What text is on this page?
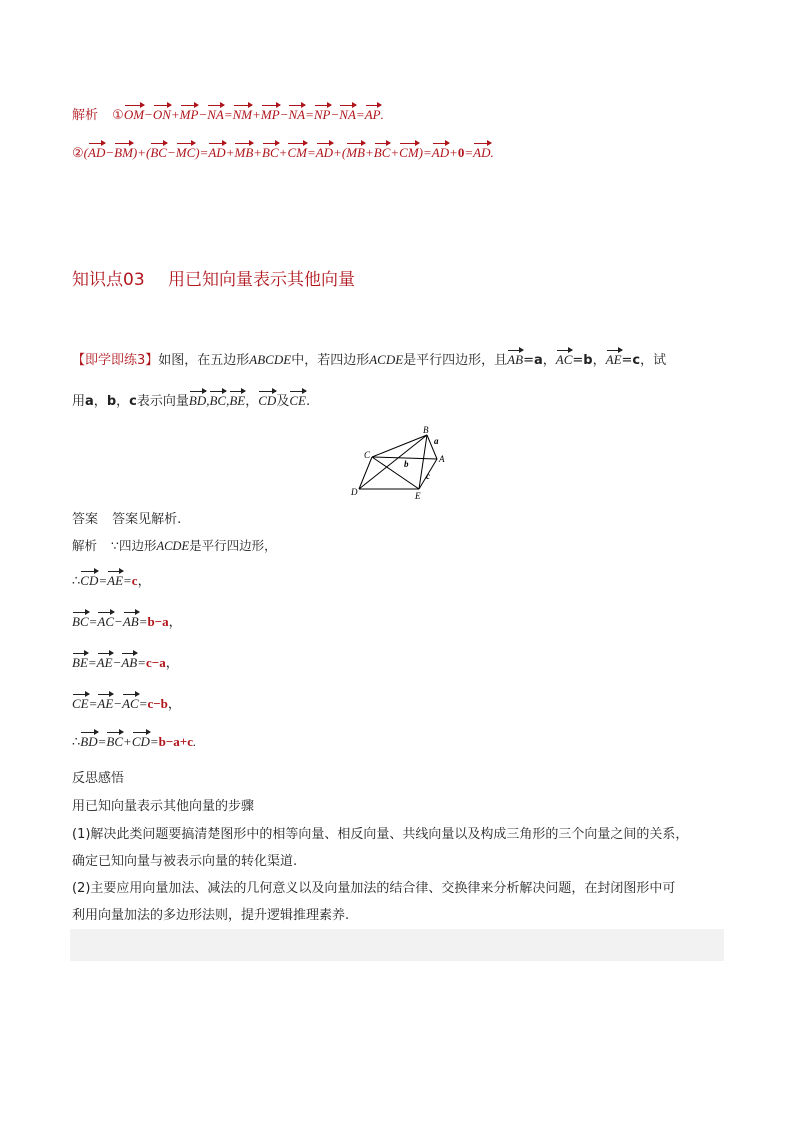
解析 ①OM−ON+MP−NA=NM+MP−NA=NP−NA=AP.
②(AD−BM)+(BC−MC)=AD+MB+BC+CM=AD+(MB+BC+CM)=AD+0=AD.
知识点03 用已知向量表示其他向量
【即学即练3】如图，在五边形ABCDE中，若四边形ACDE是平行四边形，且AB=a，AC=b，AE=c，试
用a，b，c表示向量BD,BC,BE，CD及CE.
B
C	A
D	E
a
b
c
答案 答案见解析.
解析 ∵四边形ACDE是平行四边形，
∴CD=AE=c，
BC=AC−AB=b−a，
BE=AE−AB=c−a，
CE=AE−AC=c−b，
∴BD=BC+CD=b−a+c.
反思感悟
用已知向量表示其他向量的步骤
(1)解决此类问题要搞清楚图形中的相等向量、相反向量、共线向量以及构成三角形的三个向量之间的关系，
确定已知向量与被表示向量的转化渠道.
(2)主要应用向量加法、减法的几何意义以及向量加法的结合律、交换律来分析解决问题，在封闭图形中可
利用向量加法的多边形法则，提升逻辑推理素养.
